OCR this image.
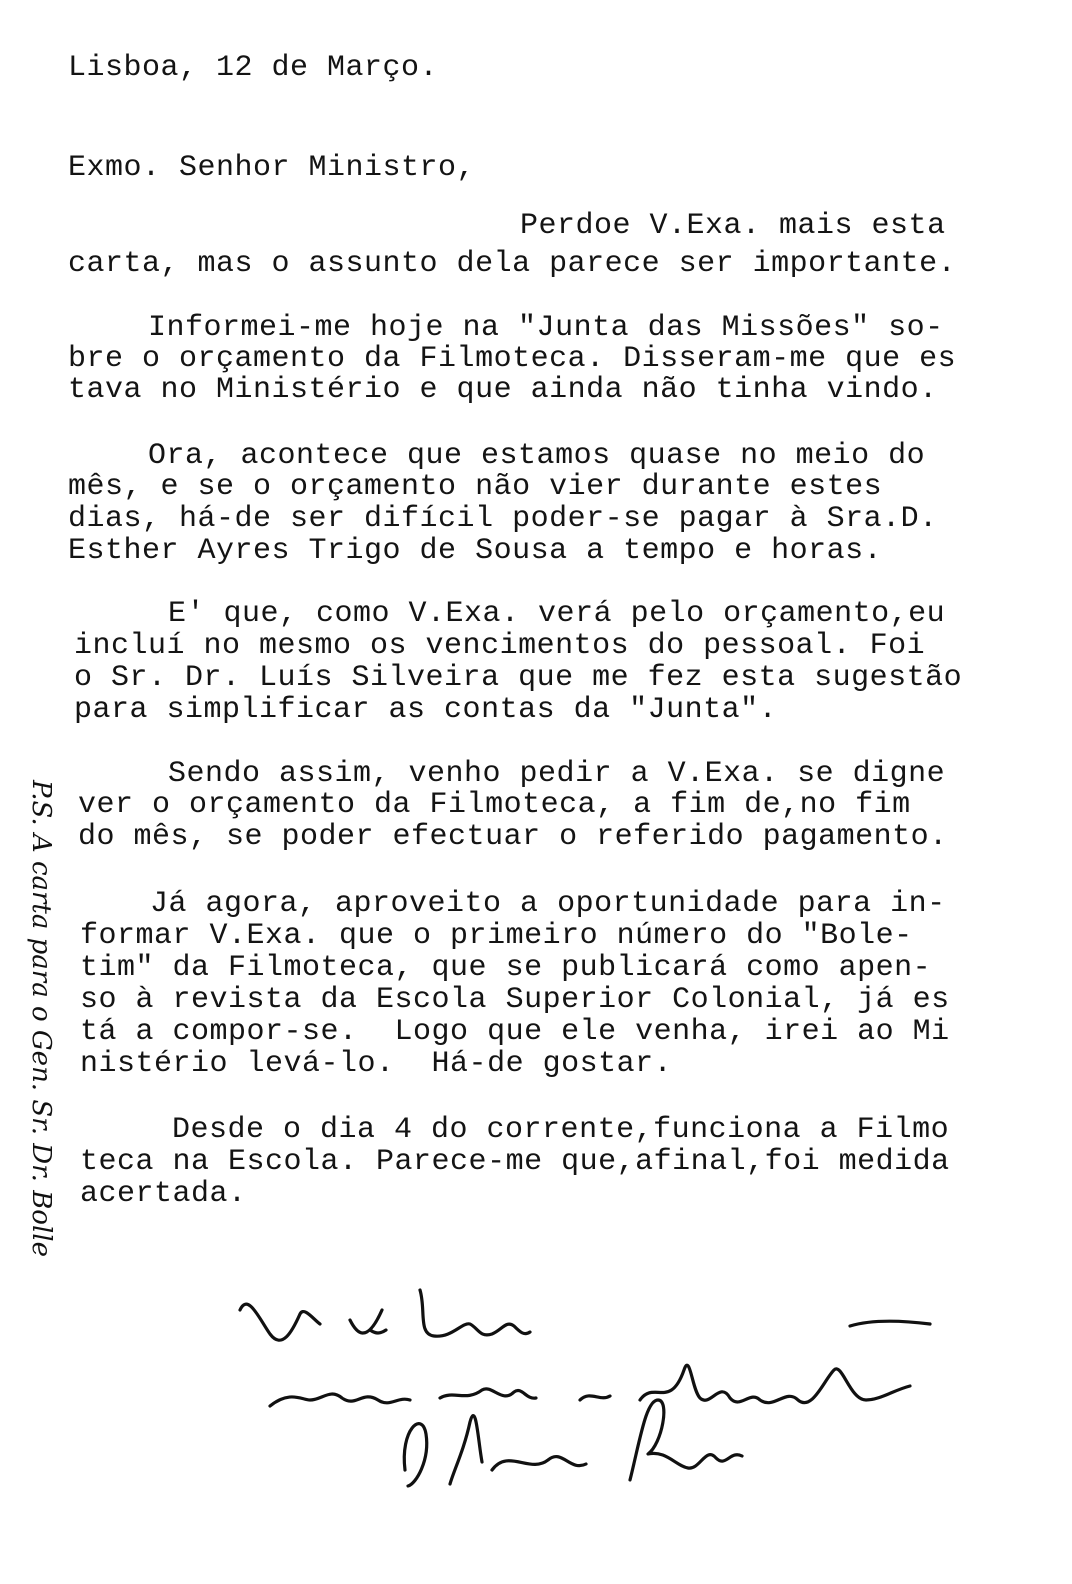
Lisboa, 12 de Março.
Exmo. Senhor Ministro,
Perdoe V.Exa. mais esta
carta, mas o assunto dela parece ser importante.
Informei-me hoje na "Junta das Missões" so-
bre o orçamento da Filmoteca. Disseram-me que es
tava no Ministério e que ainda não tinha vindo.
Ora, acontece que estamos quase no meio do
mês, e se o orçamento não vier durante estes
dias, há-de ser difícil poder-se pagar à Sra.D.
Esther Ayres Trigo de Sousa a tempo e horas.
E' que, como V.Exa. verá pelo orçamento,eu
incluí no mesmo os vencimentos do pessoal. Foi
o Sr. Dr. Luís Silveira que me fez esta sugestão
para simplificar as contas da "Junta".
Sendo assim, venho pedir a V.Exa. se digne
ver o orçamento da Filmoteca, a fim de,no fim
do mês, se poder efectuar o referido pagamento.
Já agora, aproveito a oportunidade para in-
formar V.Exa. que o primeiro número do "Bole-
tim" da Filmoteca, que se publicará como apen-
so à revista da Escola Superior Colonial, já es
tá a compor-se.  Logo que ele venha, irei ao Mi
nistério levá-lo.  Há-de gostar.
Desde o dia 4 do corrente,funciona a Filmo
teca na Escola. Parece-me que,afinal,foi medida
acertada.
P.S. A carta para o Gen. Sr. Dr. Bolle
